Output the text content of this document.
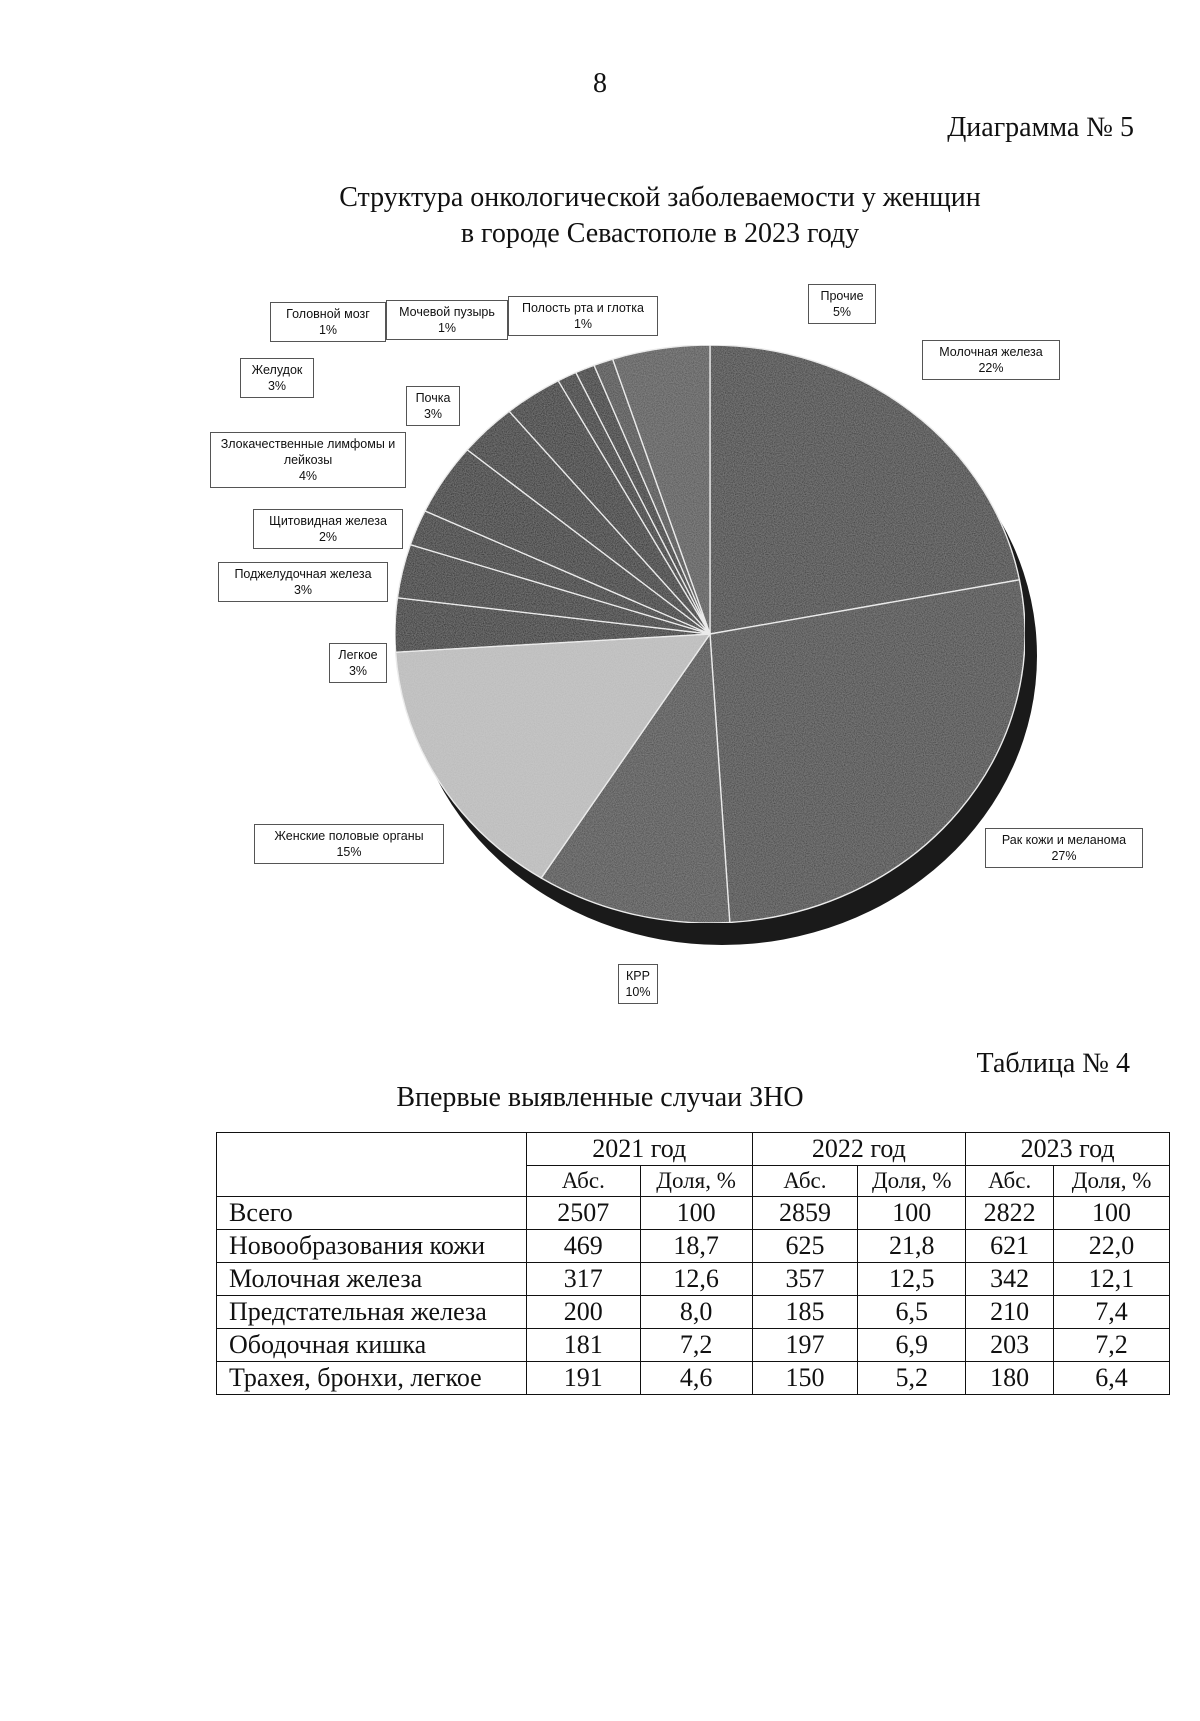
8
Диаграмма № 5
Структура онкологической заболеваемости у женщин
в городе Севастополе в 2023 году
Молочная железа
22%
Рак кожи и меланома
27%
КРР
10%
Женские половые органы
15%
Легкое
3%
Поджелудочная железа
3%
Щитовидная железа
2%
Злокачественные лимфомы и лейкозы
4%
Почка
3%
Желудок
3%
Головной мозг
1%
Мочевой пузырь
1%
Полость рта и глотка
1%
Прочие
5%
Таблица № 4
Впервые выявленные случаи ЗНО
	2021 год		2022 год		2023 год	
	Абс.	Доля, %	Абс.	Доля, %	Абс.	Доля, %
Всего	2507	100	2859	100	2822	100
Новообразования кожи	469	18,7	625	21,8	621	22,0
Молочная железа	317	12,6	357	12,5	342	12,1
Предстательная железа	200	8,0	185	6,5	210	7,4
Ободочная кишка	181	7,2	197	6,9	203	7,2
Трахея, бронхи, легкое	191	4,6	150	5,2	180	6,4
